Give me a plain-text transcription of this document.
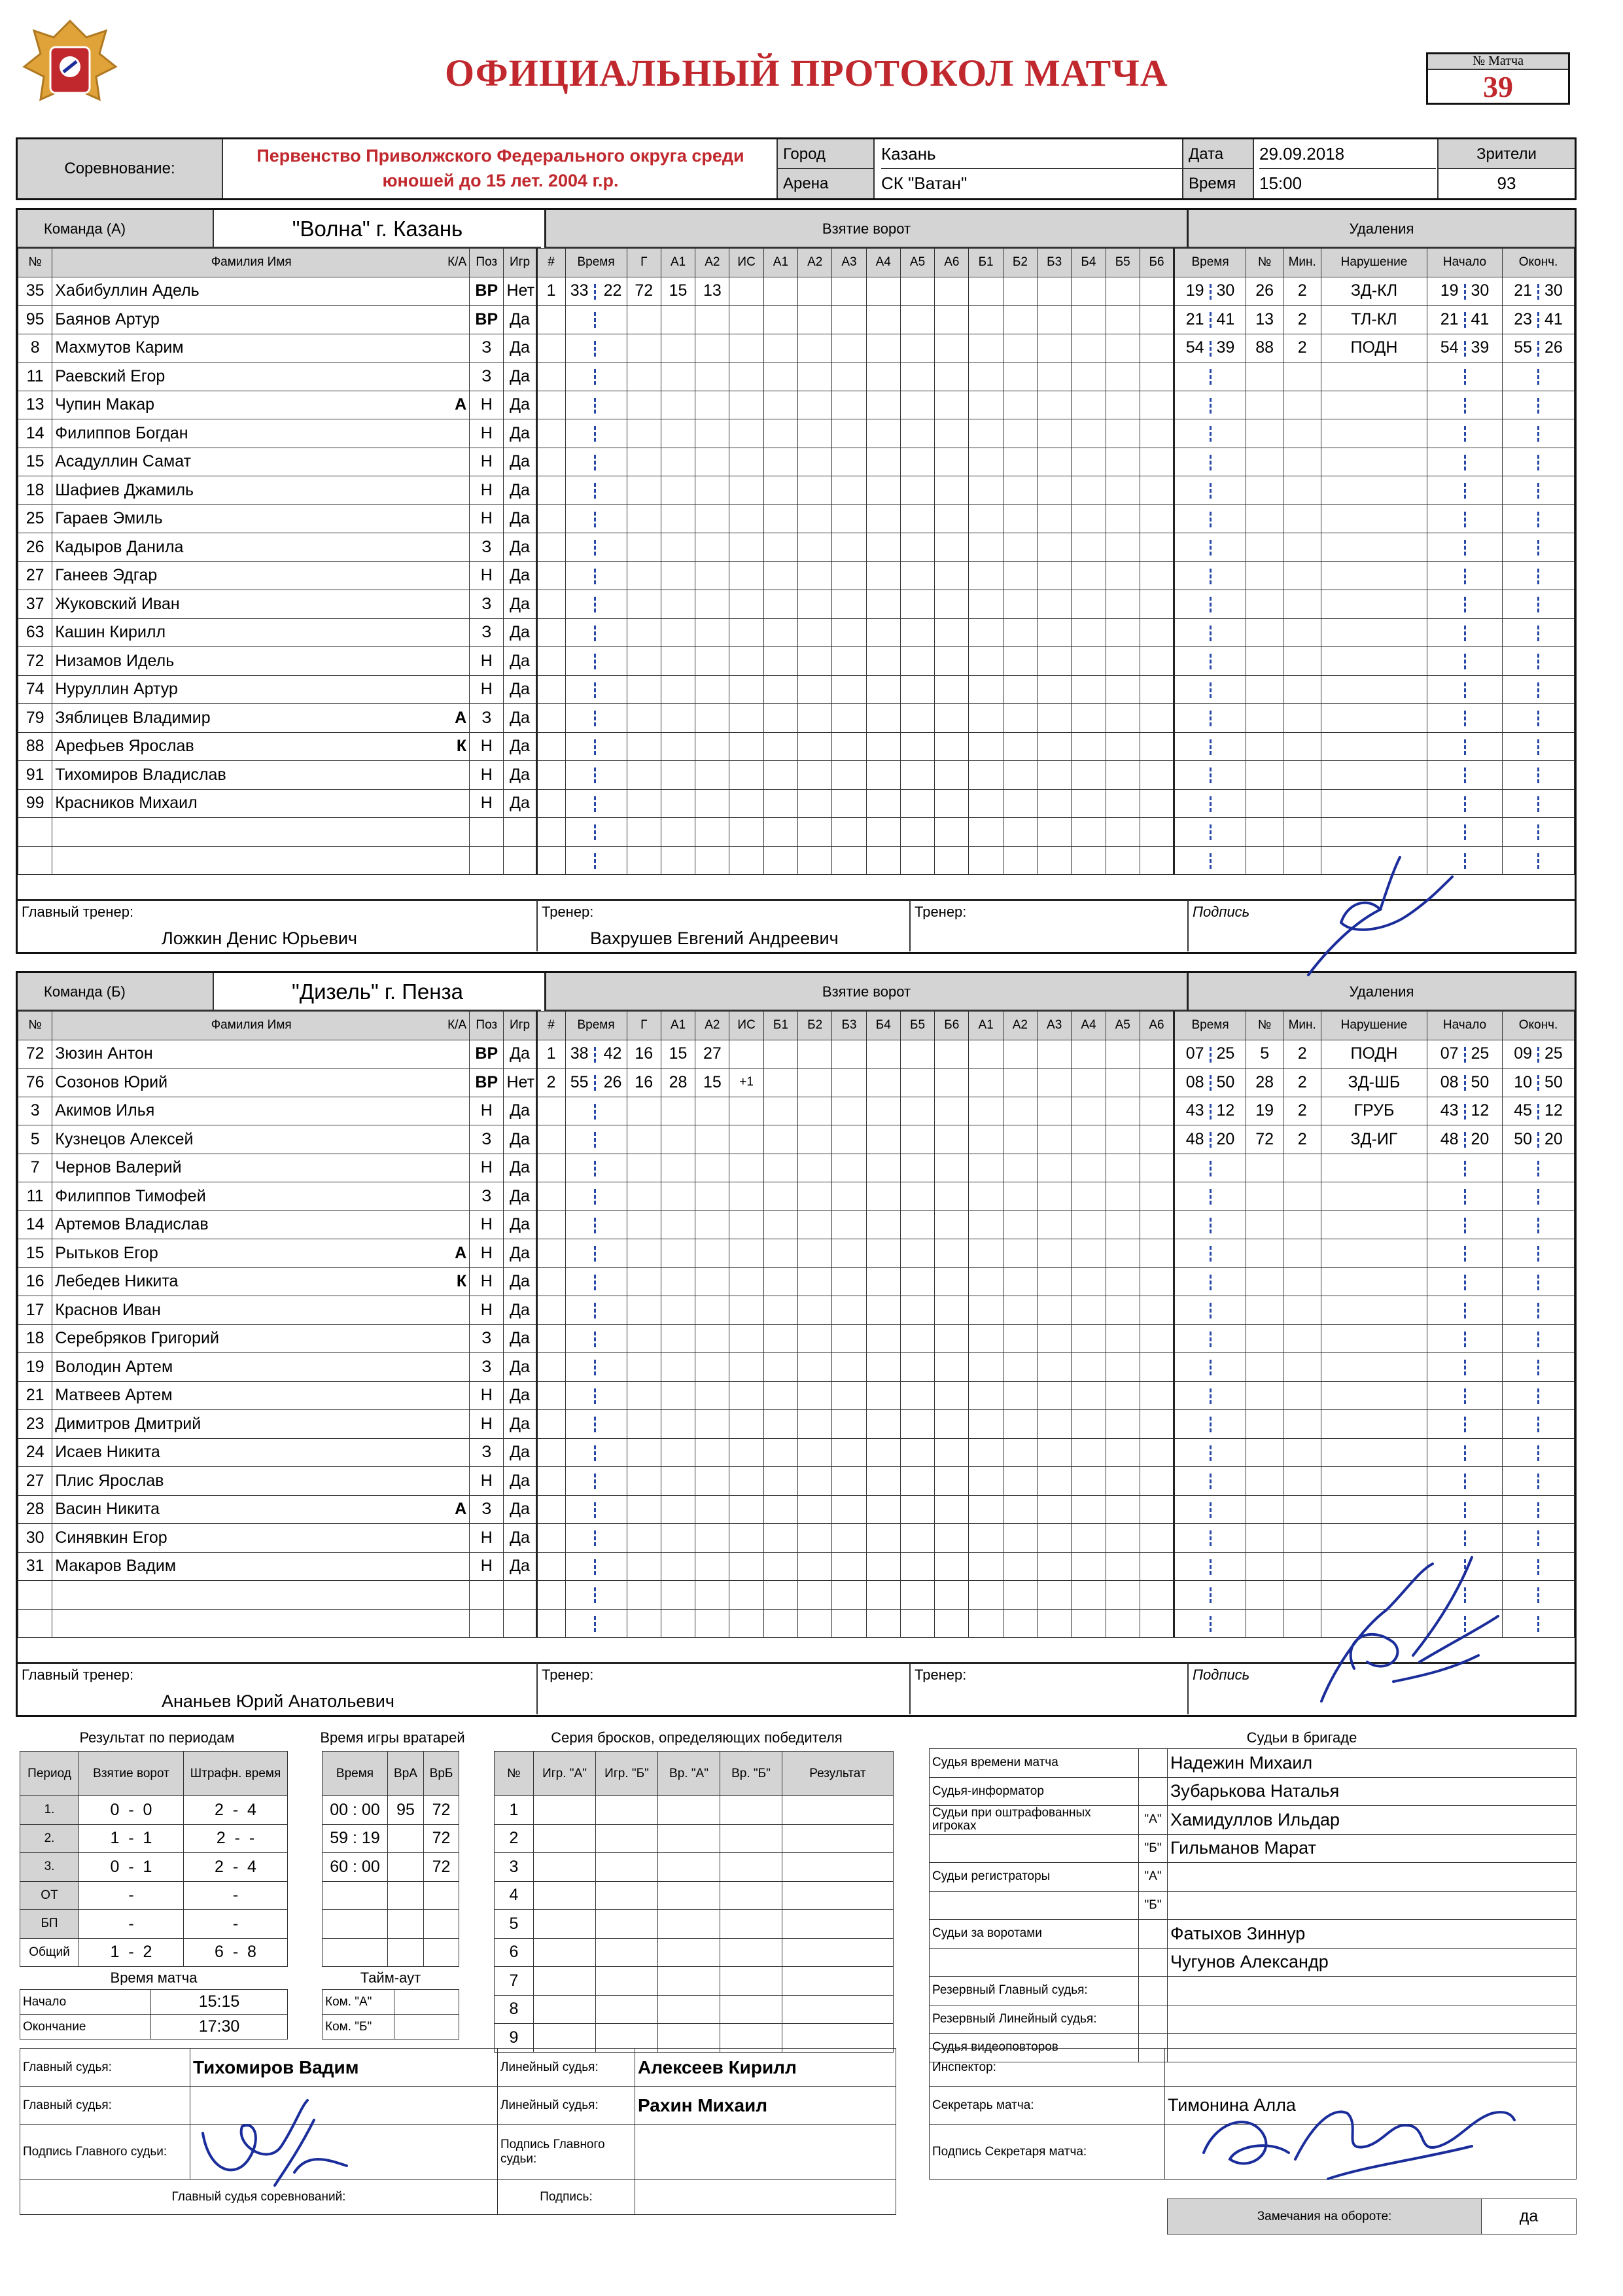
ОФИЦИАЛЬНЫЙ ПРОТОКОЛ МАТЧА	№ Матча
39
Соревнование:
Первенство Приволжского Федерального округа среди юношей до 15 лет. 2004 г.р.
Город
Арена
Казань
СК "Ватан"
Дата
Время
29.09.2018
15:00
Зрители
93
Команда (А)	"Волна" г. Казань	Взятие ворот	Удаления
№	Фамилия Имя К/А	Поз	Игр	#	Время	Г	А1	А2	ИС	А1	А2	А3	А4	А5	А6	Б1	Б2	Б3	Б4	Б5	Б6	Время	№	Мин.	Нарушение	Начало	Оконч.
35	Хабибуллин Адель	ВР	Нет	1	33 22	72	15	13														19 30	26	2	ЗД-КЛ	19 30	21 30
95	Баянов Артур	ВР	Да																			21 41	13	2	ТЛ-КЛ	21 41	23 41
8	Махмутов Карим	З	Да																			54 39	88	2	ПОДН	54 39	55 26
11	Раевский Егор	З	Да																								
13	Чупин Макар А	Н	Да																								
14	Филиппов Богдан	Н	Да																								
15	Асадуллин Самат	Н	Да																								
18	Шафиев Джамиль	Н	Да																								
25	Гараев Эмиль	Н	Да																								
26	Кадыров Данила	З	Да																								
27	Ганеев Эдгар	Н	Да																								
37	Жуковский Иван	З	Да																								
63	Кашин Кирилл	З	Да																								
72	Низамов Идель	Н	Да																								
74	Нуруллин Артур	Н	Да																								
79	Зяблицев Владимир А	З	Да																								
88	Арефьев Ярослав К	Н	Да																								
91	Тихомиров Владислав	Н	Да																								
99	Красников Михаил	Н	Да																								

Главный тренер:
Ложкин Денис Юрьевич
Тренер:
Вахрушев Евгений Андреевич
Тренер:	Подпись
Команда (Б)	"Дизель" г. Пенза	Взятие ворот	Удаления
№	Фамилия Имя К/А	Поз	Игр	#	Время	Г	А1	А2	ИС	Б1	Б2	Б3	Б4	Б5	Б6	А1	А2	А3	А4	А5	А6	Время	№	Мин.	Нарушение	Начало	Оконч.
72	Зюзин Антон	ВР	Да	1	38 42	16	15	27														07 25	5	2	ПОДН	07 25	09 25
76	Созонов Юрий	ВР	Нет	2	55 26	16	28	15	+1													08 50	28	2	ЗД-ШБ	08 50	10 50
3	Акимов Илья	Н	Да																			43 12	19	2	ГРУБ	43 12	45 12
5	Кузнецов Алексей	З	Да																			48 20	72	2	ЗД-ИГ	48 20	50 20
7	Чернов Валерий	Н	Да																								
11	Филиппов Тимофей	З	Да																								
14	Артемов Владислав	Н	Да																								
15	Рытьков Егор А	Н	Да																								
16	Лебедев Никита К	Н	Да																								
17	Краснов Иван	Н	Да																								
18	Серебряков Григорий	З	Да																								
19	Володин Артем	З	Да																								
21	Матвеев Артем	Н	Да																								
23	Димитров Дмитрий	Н	Да																								
24	Исаев Никита	З	Да																								
27	Плис Ярослав	Н	Да																								
28	Васин Никита А	З	Да																								
30	Синявкин Егор	Н	Да																								
31	Макаров Вадим	Н	Да																								

Главный тренер:
Ананьев Юрий Анатольевич
Тренер:	Тренер:	Подпись
Результат по периодам
Период	Взятие ворот	Штрафн. время
1.	0  -  0	2  -  4
2.	1  -  1	2  -  -
3.	0  -  1	2  -  4
ОТ	-	-
БП	-	-
Общий	1  -  2	6  -  8
Время игры вратарей
Время	ВрА	ВрБ
00 : 00	95	72
59 : 19		72
60 : 00		72

Время матча
Начало	15:15
Окончание	17:30
Тайм-аут
Ком. "А"	
Ком. "Б"	
Серия бросков, определяющих победителя
№	Игр. "А"	Игр. "Б"	Вр. "А"	Вр. "Б"	Результат
1					
2					
3					
4					
5					
6					
7					
8					
9					
Судьи в бригаде
Судья времени матча		Надежин Михаил
Судья-информатор		Зубарькова Наталья
Судьи при оштрафованных игроках	"А"	Хамидуллов Ильдар
	"Б"	Гильманов Марат
Судьи регистраторы	"А"	
	"Б"	
Судьи за воротами		Фатыхов Зиннур
		Чугунов Александр
Резервный Главный судья:		
Резервный Линейный судья:		
Судья видеоповторов		
Главный судья:	Тихомиров Вадим	Линейный судья:	Алексеев Кирилл
Главный судья:		Линейный судья:	Рахин Михаил
Подпись Главного судьи:		Подпись Главного судьи:	
Главный судья соревнований:		Подпись:	
Инспектор:	
Секретарь матча:	Тимонина Алла
Подпись Секретаря матча:	
Замечания на обороте:	да
